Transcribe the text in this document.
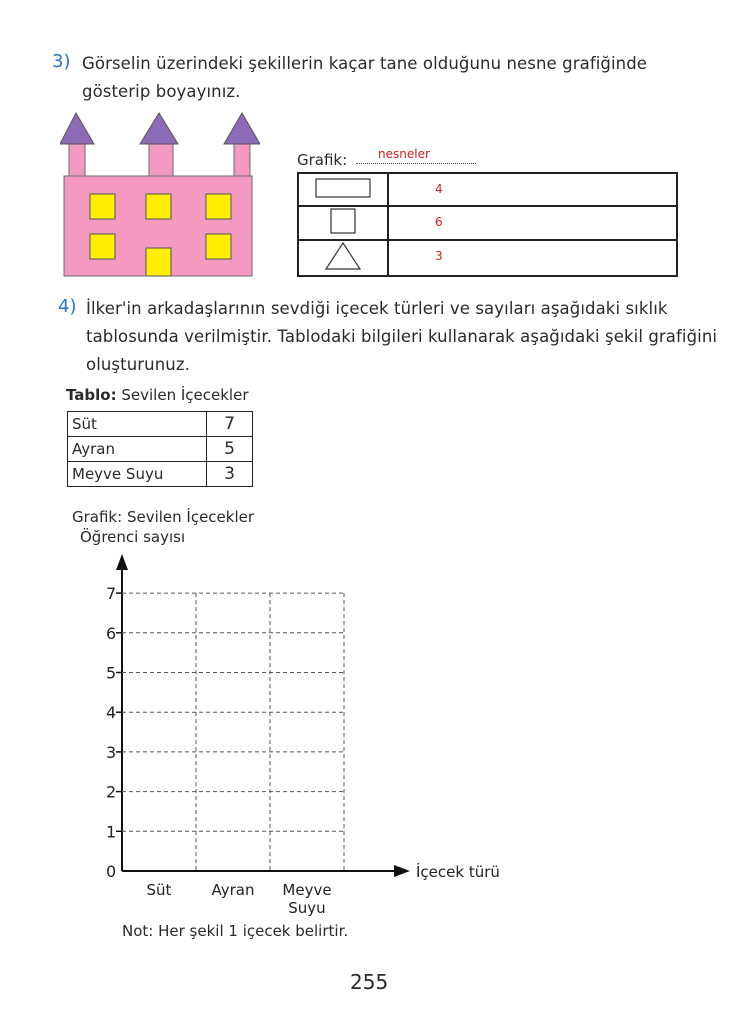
3) Görselin üzerindeki şekillerin kaçar tane olduğunu nesne grafiğinde
gösterip boyayınız.
Grafik:	nesneler

4

6

3
4) İlker'in arkadaşlarının sevdiği içecek türleri ve sayıları aşağıdaki sıklık
tablosunda verilmiştir. Tablodaki bilgileri kullanarak aşağıdaki şekil grafiğini
oluşturunuz.
Tablo: Sevilen İçecekler
Süt	7
Ayran	5
Meyve Suyu	3
Grafik: Sevilen İçecekler
Öğrenci sayısı
0
1
2
3
4
5
6
7
İçecek türü
Süt	Ayran Meyve
Suyu
Not: Her şekil 1 içecek belirtir.
255
